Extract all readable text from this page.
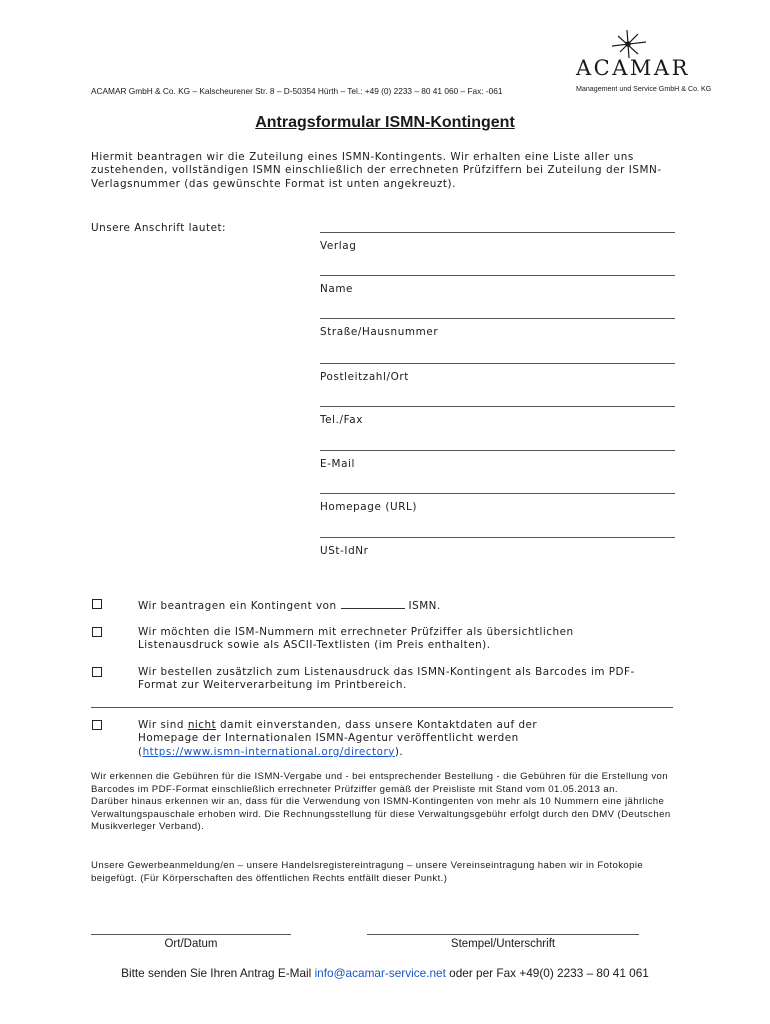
ACAMAR GmbH & Co. KG – Kalscheurener Str. 8 – D-50354 Hürth – Tel.: +49 (0) 2233 – 80 41 060 – Fax: -061
ACAMAR
Management und Service GmbH & Co. KG
Antragsformular ISMN-Kontingent
Hiermit beantragen wir die Zuteilung eines ISMN-Kontingents. Wir erhalten eine Liste aller uns zustehenden, vollständigen ISMN einschließlich der errechneten Prüfziffern bei Zuteilung der ISMN-Verlagsnummer (das gewünschte Format ist unten angekreuzt).
Unsere Anschrift lautet:
Verlag
Name
Straße/Hausnummer
Postleitzahl/Ort
Tel./Fax
E-Mail
Homepage (URL)
USt-IdNr
Wir beantragen ein Kontingent von	ISMN.
Wir möchten die ISM-Nummern mit errechneter Prüfziffer als übersichtlichen Listenausdruck sowie als ASCII-Textlisten (im Preis enthalten).
Wir bestellen zusätzlich zum Listenausdruck das ISMN-Kontingent als Barcodes im PDF-Format zur Weiterverarbeitung im Printbereich.
Wir sind nicht damit einverstanden, dass unsere Kontaktdaten auf der Homepage der Internationalen ISMN-Agentur veröffentlicht werden (https://www.ismn-international.org/directory).
Wir erkennen die Gebühren für die ISMN-Vergabe und - bei entsprechender Bestellung - die Gebühren für die Erstellung von Barcodes im PDF-Format einschließlich errechneter Prüfziffer gemäß der Preisliste mit Stand vom 01.05.2013 an.
Darüber hinaus erkennen wir an, dass für die Verwendung von ISMN-Kontingenten von mehr als 10 Nummern eine jährliche Verwaltungspauschale erhoben wird. Die Rechnungsstellung für diese Verwaltungsgebühr erfolgt durch den DMV (Deutschen Musikverleger Verband).
Unsere Gewerbeanmeldung/en – unsere Handelsregistereintragung – unsere Vereinseintragung haben wir in Fotokopie beigefügt. (Für Körperschaften des öffentlichen Rechts entfällt dieser Punkt.)
Ort/Datum	Stempel/Unterschrift
Bitte senden Sie Ihren Antrag E-Mail info@acamar-service.net oder per Fax +49(0) 2233 – 80 41 061
